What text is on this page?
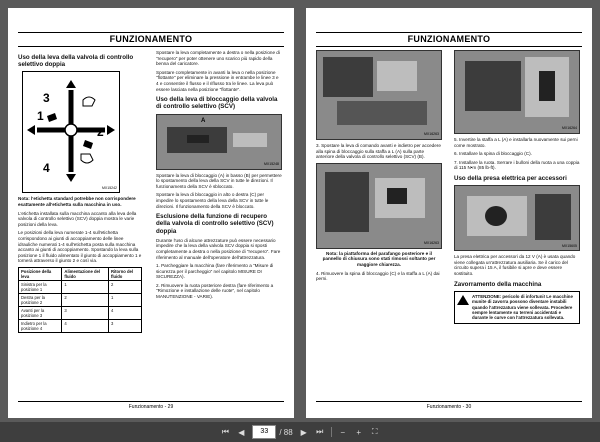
FUNZIONAMENTO
Uso della leva della valvola di controllo selettivo doppia
3
1
2
4
MX15242
Nota: l'etichetta standard potrebbe non corrispondere esattamente all'etichetta sulla macchina in uso.

L'etichetta installata sulla macchina accanto alla leva della valvola di controllo selettivo (SCV) doppia mostra le varie posizioni della leva.

Le posizioni della leva numerate 1-4 sull'etichetta corrispondono ai giunti di accoppiamento delle linee idrauliche numerati 1-4 sull'etichetta posta sulla macchina accanto ai giunti di accoppiamento. Spostando la leva sulla posizione 1 il fluido alimentato il giunto di accoppiamento 1 e tornerà attraverso il giunto 2 e così via.

Posizione della leva	Alimentazione del fluido	Ritorno del fluido
Sinistra per la posizione 1	1	2
Destra per la posizione 2	2	1
Avanti per la posizione 3	3	4
Indietro per la posizione 4	4	3

Spostare la leva completamente a destra o nella posizione di "recupero" per poter ottenere uno scarico più rapido della benna del caricatore.

Spostare completamente in avanti la leva o nella posizione "flottante" per eliminare la pressione in entrambe le linee 3 e 4 e consentire il flusso e il riflusso tra le linee. La leva può essere lasciata nella posizione "flottante".

Uso della leva di bloccaggio della valvola di controllo selettivo (SCV)
A
MX15248

Spostare la leva di bloccaggio (A) in basso (B) per permettere lo spostamento della leva della SCV in tutte le direzioni. Il funzionamento della SCV è sbloccato.

Spostare la leva di bloccaggio in alto o destra (C) per impedire lo spostamento della leva della SCV in tutte le direzioni. Il funzionamento della SCV è bloccato.

Esclusione della funzione di recupero della valvola di controllo selettivo (SCV) doppia

Durante l'uso di alcune attrezzature può essere necessario impedire che la leva della valvola SCV doppia si sposti completamente a destra o nella posizione di "recupero". Fare riferimento al manuale dell'operatore dell'attrezzatura.

1. Parcheggiare la macchina (fare riferimento a "Misure di sicurezza per il parcheggio" nel capitolo MISURE DI SICUREZZA).

2. Rimuovere la ruota posteriore destra (fare riferimento a "Rimozione e installazione delle ruote", nel capitolo MANUTENZIONE - VARIE).

Funzionamento - 29
FUNZIONAMENTO
MX16263

3. Spostare la leva di comando avanti e indietro per accedere alla spina di bloccaggio sulla staffa a L (A) sulla parte anteriore della valvola di controllo selettivo (SCV) (B).

MX16263
Nota: la piattaforma del parafango posteriore e il pannello di chiusura sono stati rimossi soltanto per maggiore chiarezza.

4. Rimuovere la spina di bloccaggio (C) e la staffa a L (A) dai perni.

MX16264

5. Invertire la staffa a L (A) e installarla nuovamente sui perni come mostrato.

6. Installare la spina di bloccaggio (C).

7. Installare la ruota. Serrare i bulloni della ruota a una coppia di 115 N•m (85 lb-ft).

Uso della presa elettrica per accessori
MX15605

La presa elettrica per accessori da 12 V (A) è usata quando viene collegata un'attrezzatura ausiliaria. Se il carico del circuito supera i 15 A, il fusibile si apre e deve essere sostituito.

Zavorramento della macchina
ATTENZIONE: pericolo di infortuni! Le macchine munite di zavorra possono diventare instabili quando l'attrezzatura viene sollevata. Procedere sempre lentamente su terreni accidentati e durante le curve con l'attrezzatura sollevata.
Funzionamento - 30
⏮ ◀	33	/ 88 ▶ ⏭	−	+	⛶
